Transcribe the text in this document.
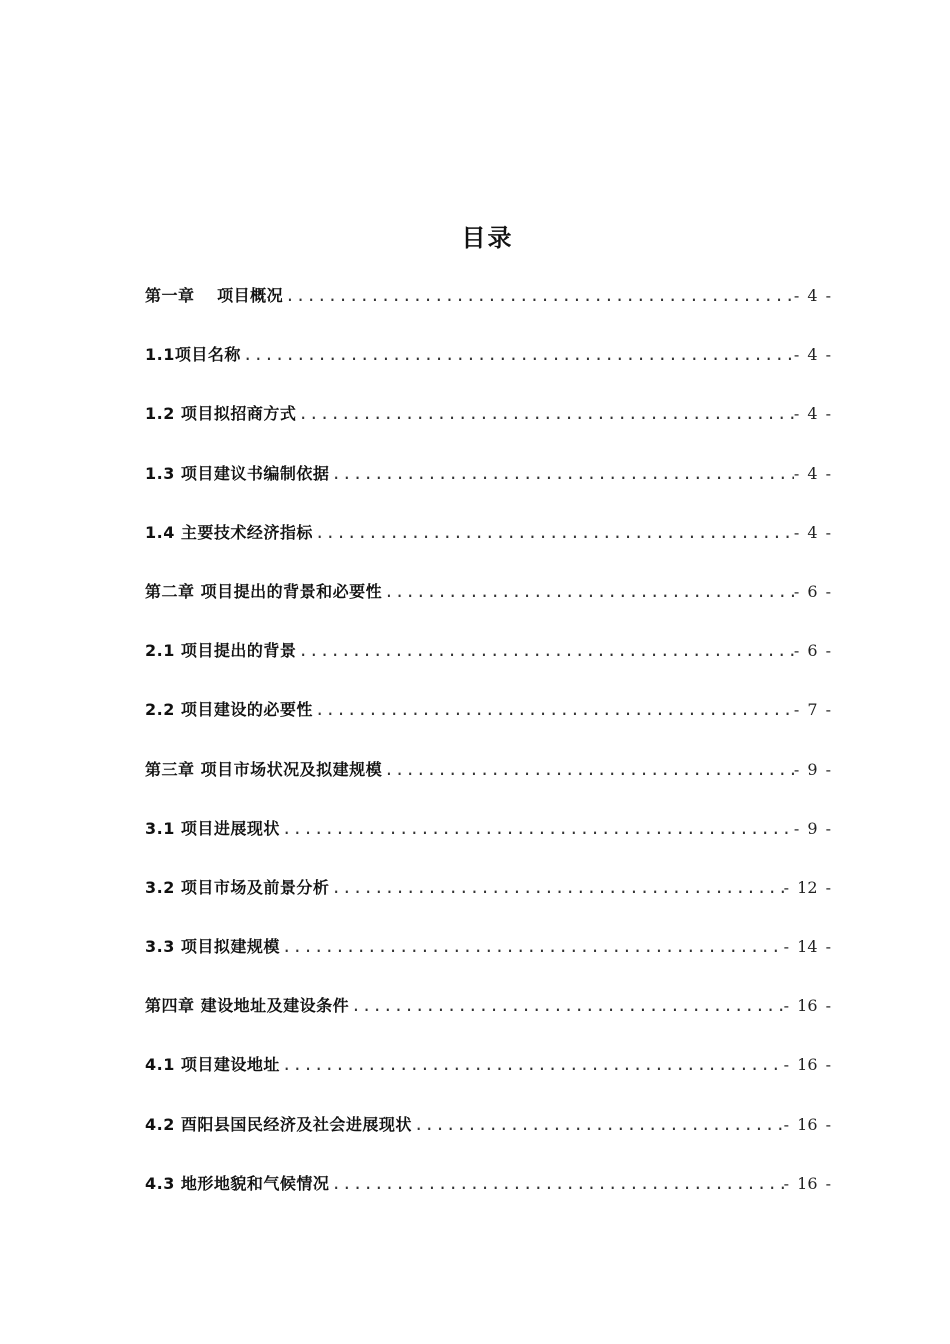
目录
第一章　 项目概况 .....	- 4 -
1.1项目名称 .....	- 4 -
1.2 项目拟招商方式 .....	- 4 -
1.3 项目建议书编制依据 .....	- 4 -
1.4 主要技术经济指标 .....	- 4 -
第二章 项目提出的背景和必要性 .....	- 6 -
2.1 项目提出的背景 .....	- 6 -
2.2 项目建设的必要性 .....	- 7 -
第三章 项目市场状况及拟建规模 .....	- 9 -
3.1 项目进展现状 .....	- 9 -
3.2 项目市场及前景分析 .....	- 12 -
3.3 项目拟建规模 .....	- 14 -
第四章 建设地址及建设条件 .....	- 16 -
4.1 项目建设地址 .....	- 16 -
4.2 酉阳县国民经济及社会进展现状 .....	- 16 -
4.3 地形地貌和气候情况 .....	- 16 -
